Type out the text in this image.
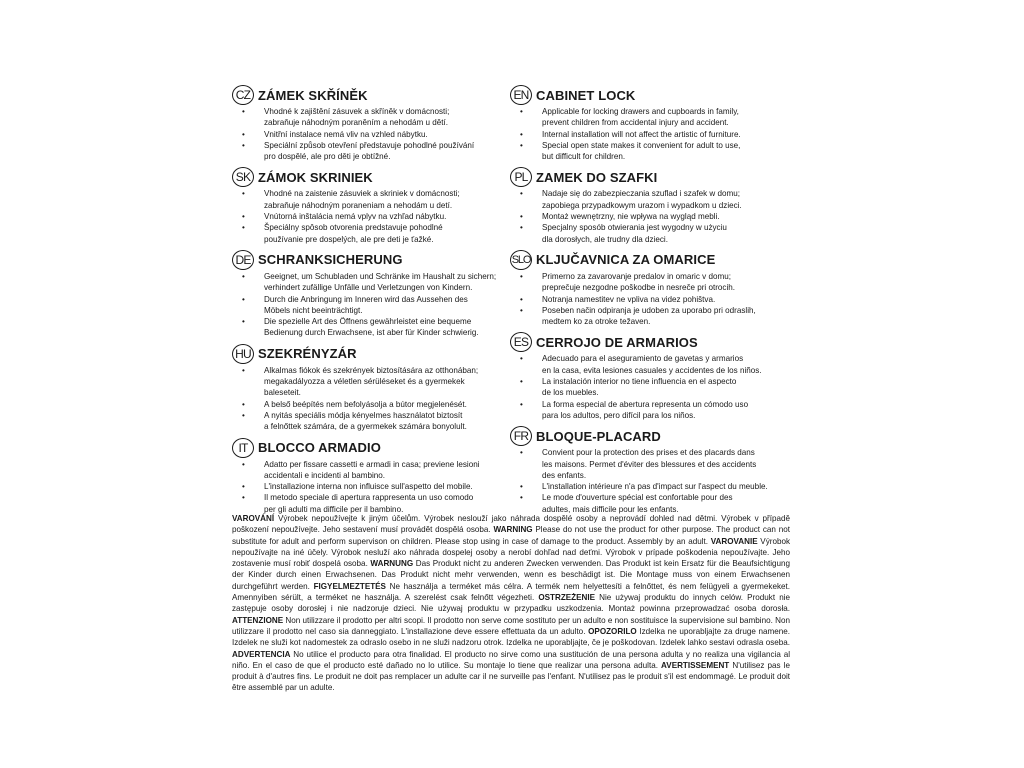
CZ ZÁMEK SKŘÍNĚK
• Vhodné k zajištění zásuvek a skříněk v domácnosti;
zabraňuje náhodným poraněním a nehodám u dětí.
• Vnitřní instalace nemá vliv na vzhled nábytku.
• Speciální způsob otevření představuje pohodlné používání
pro dospělé, ale pro děti je obtížné.
SK ZÁMOK SKRINIEK
• Vhodné na zaistenie zásuviek a skriniek v domácnosti;
zabraňuje náhodným poraneniam a nehodám u detí.
• Vnútorná inštalácia nemá vplyv na vzhľad nábytku.
• Špeciálny spôsob otvorenia predstavuje pohodlné
používanie pre dospelých, ale pre deti je ťažké.
DE SCHRANKSICHERUNG
• Geeignet, um Schubladen und Schränke im Haushalt zu sichern;
verhindert zufällige Unfälle und Verletzungen von Kindern.
• Durch die Anbringung im Inneren wird das Aussehen des
Möbels nicht beeinträchtigt.
• Die spezielle Art des Öffnens gewährleistet eine bequeme
Bedienung durch Erwachsene, ist aber für Kinder schwierig.
HU SZEKRÉNYZÁR
• Alkalmas fiókok és szekrények biztosítására az otthonában;
megakadályozza a véletlen sérüléseket és a gyermekek
baleseteit.
• A belső beépítés nem befolyásolja a bútor megjelenését.
• A nyitás speciális módja kényelmes használatot biztosít
a felnőttek számára, de a gyermekek számára bonyolult.
IT BLOCCO ARMADIO
• Adatto per fissare cassetti e armadi in casa; previene lesioni
accidentali e incidenti al bambino.
• L'installazione interna non influisce sull'aspetto del mobile.
• Il metodo speciale di apertura rappresenta un uso comodo
per gli adulti ma difficile per il bambino.
EN CABINET LOCK
• Applicable for locking drawers and cupboards in family,
prevent children from accidental injury and accident.
• Internal installation will not affect the artistic of furniture.
• Special open state makes it convenient for adult to use,
but difficult for children.
PL ZAMEK DO SZAFKI
• Nadaje się do zabezpieczania szuflad i szafek w domu;
zapobiega przypadkowym urazom i wypadkom u dzieci.
• Montaż wewnętrzny, nie wpływa na wygląd mebli.
• Specjalny sposób otwierania jest wygodny w użyciu
dla dorosłych, ale trudny dla dzieci.
SLO KLJUČAVNICA ZA OMARICE
• Primerno za zavarovanje predalov in omaric v domu;
preprečuje nezgodne poškodbe in nesreče pri otrocih.
• Notranja namestitev ne vpliva na videz pohištva.
• Poseben način odpiranja je udoben za uporabo pri odraslih,
medtem ko za otroke težaven.
ES CERROJO DE ARMARIOS
• Adecuado para el aseguramiento de gavetas y armarios
en la casa, evita lesiones casuales y accidentes de los niños.
• La instalación interior no tiene influencia en el aspecto
de los muebles.
• La forma especial de abertura representa un cómodo uso
para los adultos, pero difícil para los niños.
FR BLOQUE-PLACARD
• Convient pour la protection des prises et des placards dans
les maisons. Permet d'éviter des blessures et des accidents
des enfants.
• L'installation intérieure n'a pas d'impact sur l'aspect du meuble.
• Le mode d'ouverture spécial est confortable pour des
adultes, mais difficile pour les enfants.
VAROVÁNÍ Výrobek nepoužívejte k jiným účelům. Výrobek neslouží jako náhrada dospělé osoby a neprovádí dohled nad dětmi. Výrobek v případě poškození nepoužívejte. Jeho sestavení musí provádět dospělá osoba. WARNING Please do not use the product for other purpose. The product can not substitute for adult and perform supervison on children. Please stop using in case of damage to the product. Assembly by an adult. VAROVANIE Výrobok nepoužívajte na iné účely. Výrobok nesluží ako náhrada dospelej osoby a nerobí dohľad nad deťmi. Výrobok v prípade poškodenia nepoužívajte. Jeho zostavenie musí robiť dospelá osoba. WARNUNG Das Produkt nicht zu anderen Zwecken verwenden. Das Produkt ist kein Ersatz für die Beaufsichtigung der Kinder durch einen Erwachsenen. Das Produkt nicht mehr verwenden, wenn es beschädigt ist. Die Montage muss von einem Erwachsenen durchgeführt werden. FIGYELMEZTETÉS Ne használja a terméket más célra. A termék nem helyettesíti a felnőttet, és nem felügyeli a gyermekeket. Amennyiben sérült, a terméket ne használja. A szerelést csak felnőtt végezheti. OSTRZEŻENIE Nie używaj produktu do innych celów. Produkt nie zastępuje osoby dorosłej i nie nadzoruje dzieci. Nie używaj produktu w przypadku uszkodzenia. Montaż powinna przeprowadzać osoba dorosła. ATTENZIONE Non utilizzare il prodotto per altri scopi. Il prodotto non serve come sostituto per un adulto e non sostituisce la supervisione sul bambino. Non utilizzare il prodotto nel caso sia danneggiato. L'installazione deve essere effettuata da un adulto. OPOZORILO Izdelka ne uporabljajte za druge namene. Izdelek ne služi kot nadomestek za odraslo osebo in ne služi nadzoru otrok. Izdelka ne uporabljajte, če je poškodovan. Izdelek lahko sestavi odrasla oseba. ADVERTENCIA No utilice el producto para otra finalidad. El producto no sirve como una sustitución de una persona adulta y no realiza una vigilancia al niño. En el caso de que el producto esté dañado no lo utilice. Su montaje lo tiene que realizar una persona adulta. AVERTISSEMENT N'utilisez pas le produit à d'autres fins. Le produit ne doit pas remplacer un adulte car il ne surveille pas l'enfant. N'utilisez pas le produit s'il est endommagé. Le produit doit être assemblé par un adulte.
